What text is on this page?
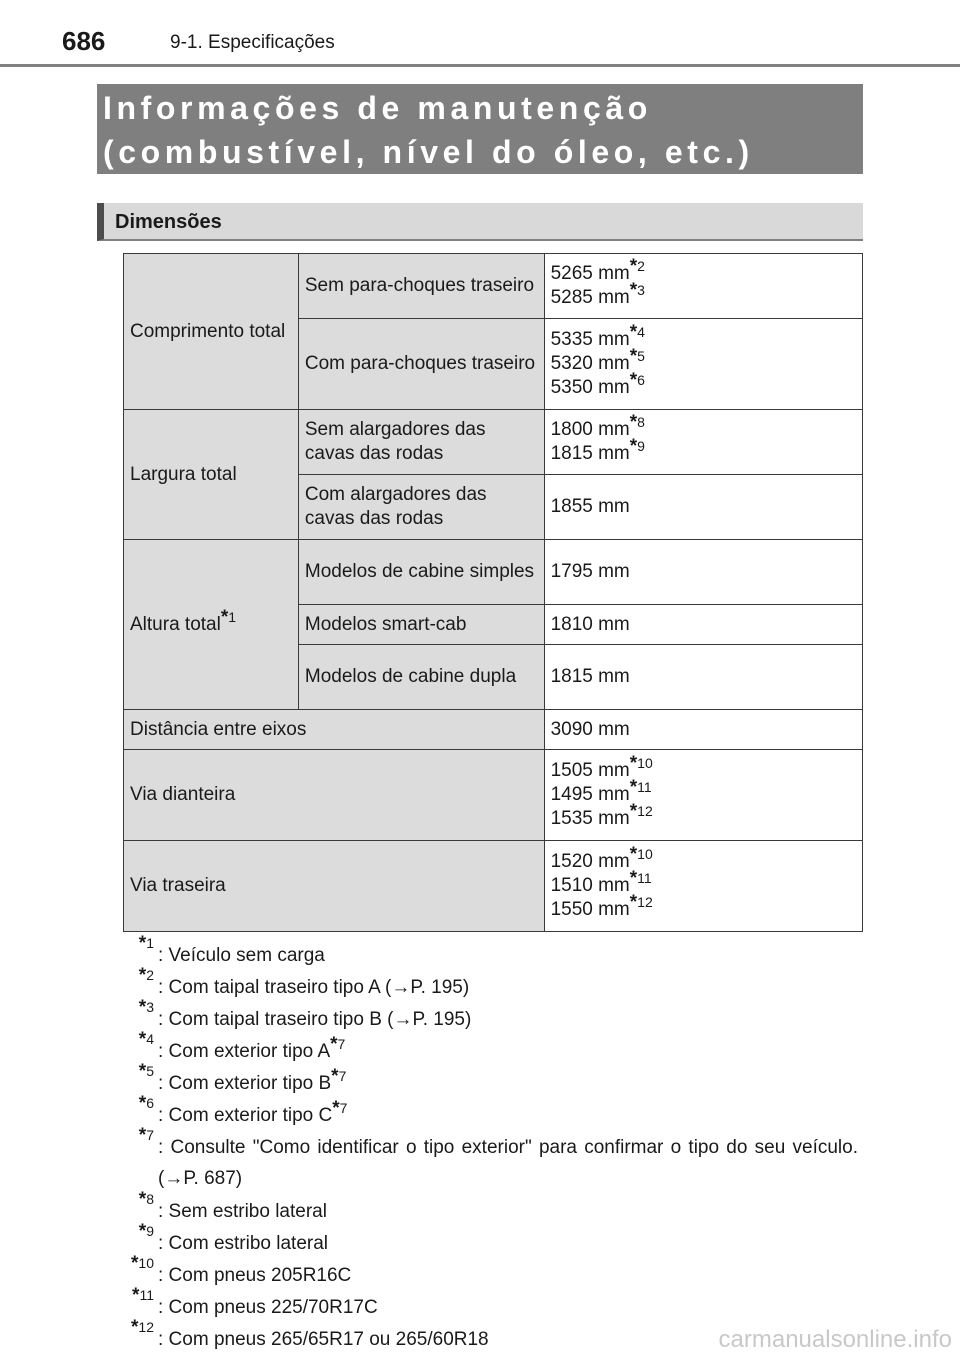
686	9-1. Especificações

Informações de manutenção (combustível, nível do óleo, etc.)

Dimensões
Comprimento total	Sem para-choques traseiro	5265 mm*$^2$
5285 mm*$^3$
	Com para-choques traseiro	5335 mm*$^4$
5320 mm*$^5$
5350 mm*$^6$
Largura total	Sem alargadores das cavas das rodas	1800 mm*$^8$
1815 mm*$^9$
	Com alargadores das cavas das rodas	1855 mm
Altura total*$^1$	Modelos de cabine simples	1795 mm
	Modelos smart-cab	1810 mm
	Modelos de cabine dupla	1815 mm
Distância entre eixos		3090 mm
Via dianteira		1505 mm*$^{10}$
1495 mm*$^{11}$
1535 mm*$^{12}$
Via traseira		1520 mm*$^{10}$
1510 mm*$^{11}$
1550 mm*$^{12}$
*$^1$
: Veículo sem carga
*$^2$
: Com taipal traseiro tipo A (→P. 195)
*$^3$
: Com taipal traseiro tipo B (→P. 195)
*$^4$
: Com exterior tipo A*$^7$
*$^5$
: Com exterior tipo B*$^7$
*$^6$
: Com exterior tipo C*$^7$
*$^7$
: Consulte "Como identificar o tipo exterior" para confirmar o tipo do seu veículo. (→P. 687)
*$^8$
: Sem estribo lateral
*$^9$
: Com estribo lateral
*$^{10}$
: Com pneus 205R16C
*$^{11}$
: Com pneus 225/70R17C
*$^{12}$
: Com pneus 265/65R17 ou 265/60R18	carmanualsonline.info
